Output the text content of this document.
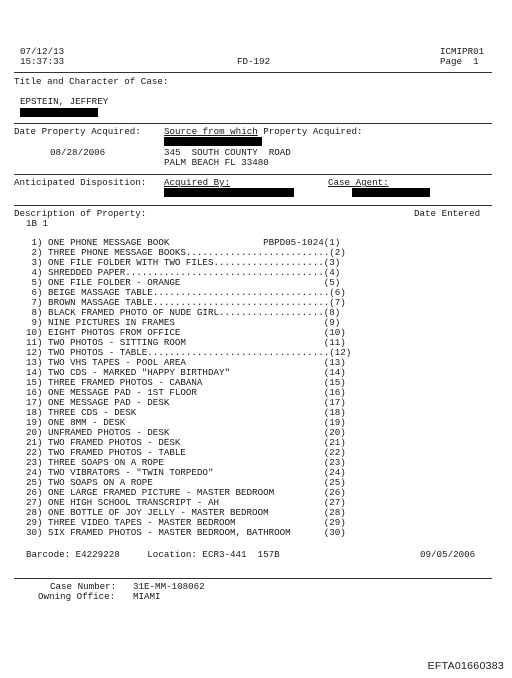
07/12/13
15:37:33	FD-192
ICMIPR01
Page  1
Title and Character of Case:
EPSTEIN, JEFFREY
Date Property Acquired:	Source from which Property Acquired:
08/28/2006	345  SOUTH COUNTY  ROAD
PALM BEACH FL 33480
Anticipated Disposition: Acquired By:	Case Agent:
Description of Property:	Date Entered
1B 1
1) ONE PHONE MESSAGE BOOK                 PBPD05-1024(1)
2) THREE PHONE MESSAGE BOOKS..........................(2)
3) ONE FILE FOLDER WITH TWO FILES....................(3)
4) SHREDDED PAPER....................................(4)
5) ONE FILE FOLDER - ORANGE                          (5)
6) BEIGE MASSAGE TABLE................................(6)
7) BROWN MASSAGE TABLE................................(7)
8) BLACK FRAMED PHOTO OF NUDE GIRL...................(8)
9) NINE PICTURES IN FRAMES                           (9)
10) EIGHT PHOTOS FROM OFFICE                          (10)
11) TWO PHOTOS - SITTING ROOM                         (11)
12) TWO PHOTOS - TABLE.................................(12)
13) TWO VHS TAPES - POOL AREA                         (13)
14) TWO CDS - MARKED "HAPPY BIRTHDAY"                 (14)
15) THREE FRAMED PHOTOS - CABANA                      (15)
16) ONE MESSAGE PAD - 1ST FLOOR                       (16)
17) ONE MESSAGE PAD - DESK                            (17)
18) THREE CDS - DESK                                  (18)
19) ONE 8MM - DESK                                    (19)
20) UNFRAMED PHOTOS - DESK                            (20)
21) TWO FRAMED PHOTOS - DESK                          (21)
22) TWO FRAMED PHOTOS - TABLE                         (22)
23) THREE SOAPS ON A ROPE                             (23)
24) TWO VIBRATORS - "TWIN TORPEDO"                    (24)
25) TWO SOAPS ON A ROPE                               (25)
26) ONE LARGE FRAMED PICTURE - MASTER BEDROOM         (26)
27) ONE HIGH SCHOOL TRANSCRIPT - AH                   (27)
28) ONE BOTTLE OF JOY JELLY - MASTER BEDROOM          (28)
29) THREE VIDEO TAPES - MASTER BEDROOM                (29)
30) SIX FRAMED PHOTOS - MASTER BEDROOM, BATHROOM      (30)
Barcode: E4229228     Location: ECR3-441  157B	09/05/2006
Case Number: 31E-MM-108062
Owning Office: MIAMI
EFTA01660383
